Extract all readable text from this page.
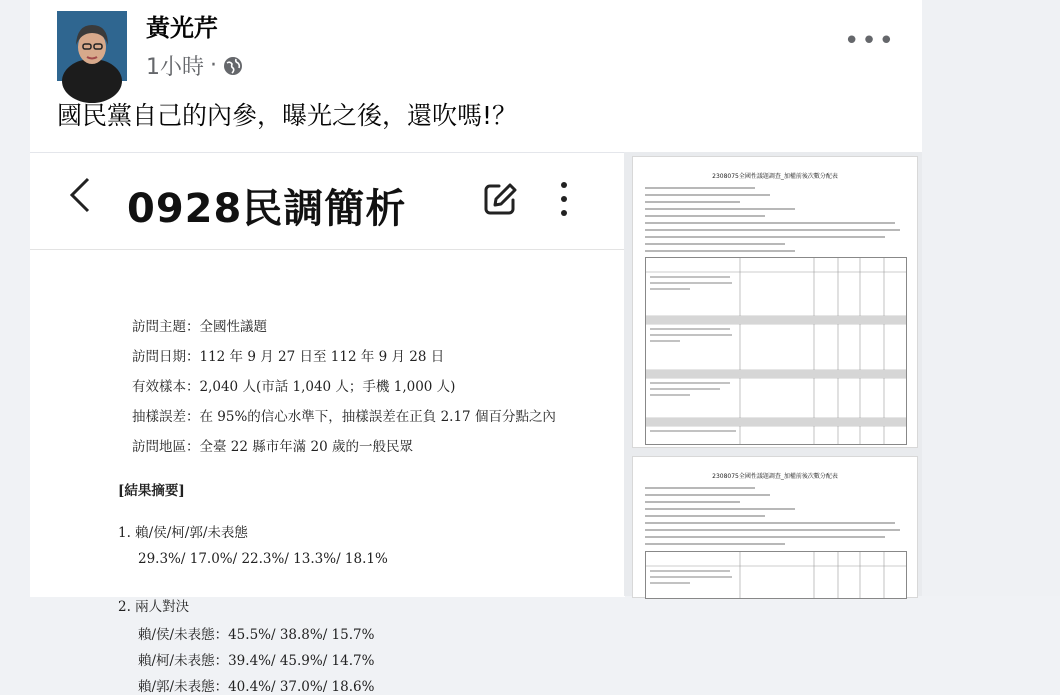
黃光芹
1小時 ·
•••
國民黨自己的內參，曝光之後，還吹嗎!？
0928民調簡析
訪問主題：全國性議題
訪問日期：112 年 9 月 27 日至 112 年 9 月 28 日
有效樣本：2,040 人(市話 1,040 人；手機 1,000 人)
抽樣誤差：在 95%的信心水準下，抽樣誤差在正負 2.17 個百分點之內
訪問地區：全臺 22 縣市年滿 20 歲的一般民眾
[結果摘要]
1. 賴/侯/柯/郭/未表態
29.3%/ 17.0%/ 22.3%/ 13.3%/ 18.1%
2. 兩人對決
賴/侯/未表態：45.5%/ 38.8%/ 15.7%
賴/柯/未表態：39.4%/ 45.9%/ 14.7%
賴/郭/未表態：40.4%/ 37.0%/ 18.6%
2308075全國性議題調查_加權前後次數分配表
2308075全國性議題調查_加權前後次數分配表
